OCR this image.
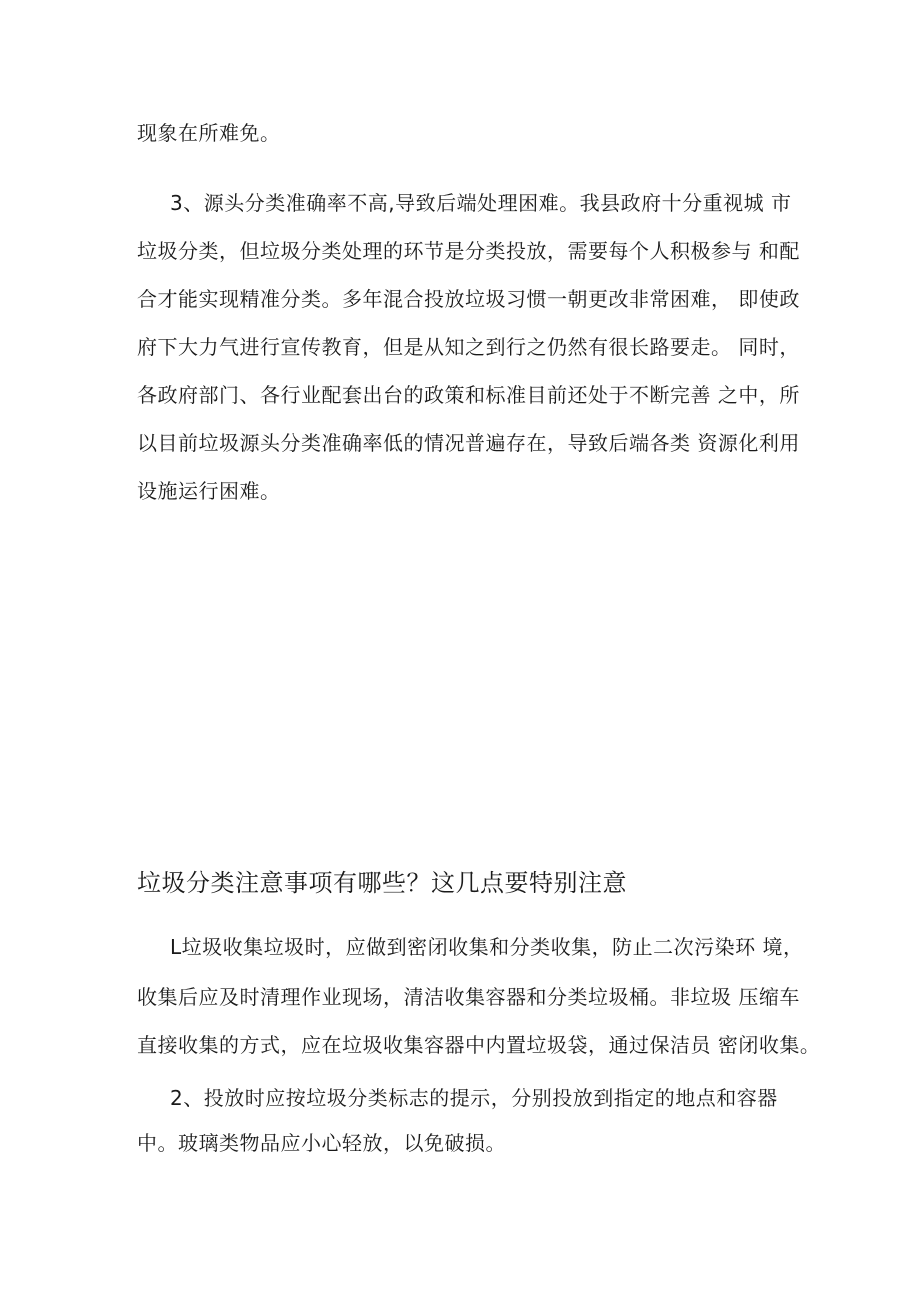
现象在所难免。
3、源头分类准确率不高,导致后端处理困难。我县政府十分重视城 市
垃圾分类，但垃圾分类处理的环节是分类投放，需要每个人积极参与 和配
合才能实现精准分类。多年混合投放垃圾习惯一朝更改非常困难， 即使政
府下大力气进行宣传教育，但是从知之到行之仍然有很长路要走。 同时，
各政府部门、各行业配套出台的政策和标准目前还处于不断完善 之中，所
以目前垃圾源头分类准确率低的情况普遍存在，导致后端各类 资源化利用
设施运行困难。
垃圾分类注意事项有哪些？这几点要特别注意
L垃圾收集垃圾时，应做到密闭收集和分类收集，防止二次污染环 境，
收集后应及时清理作业现场，清洁收集容器和分类垃圾桶。非垃圾 压缩车
直接收集的方式，应在垃圾收集容器中内置垃圾袋，通过保洁员 密闭收集。
2、投放时应按垃圾分类标志的提示，分别投放到指定的地点和容器
中。玻璃类物品应小心轻放，以免破损。
